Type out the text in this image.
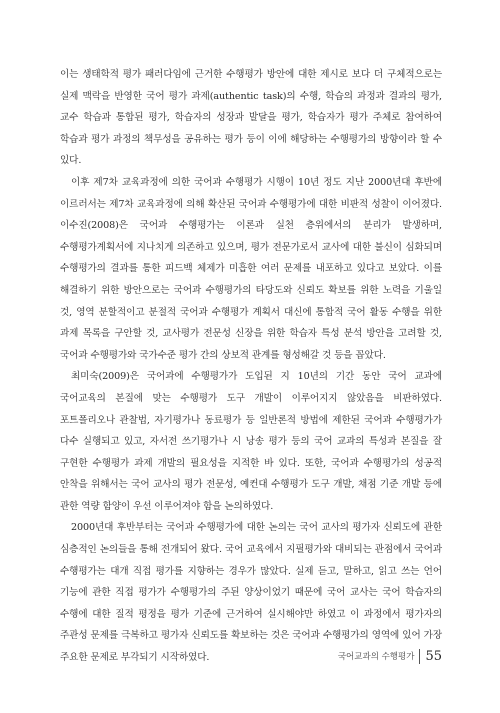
이는 생태학적 평가 패러다임에 근거한 수행평가 방안에 대한 제시로 보다 더 구체적으로는 실제 맥락을 반영한 국어 평가 과제(authentic task)의 수행, 학습의 과정과 결과의 평가, 교수 학습과 통합된 평가, 학습자의 성장과 발달을 평가, 학습자가 평가 주체로 참여하여 학습과 평가 과정의 책무성을 공유하는 평가 등이 이에 해당하는 수행평가의 방향이라 할 수 있다.

이후 제7차 교육과정에 의한 국어과 수행평가 시행이 10년 정도 지난 2000년대 후반에 이르러서는 제7차 교육과정에 의해 확산된 국어과 수행평가에 대한 비판적 성찰이 이어졌다. 이수진(2008)은 국어과 수행평가는 이론과 실천 층위에서의 분리가 발생하며, 수행평가계획서에 지나치게 의존하고 있으며, 평가 전문가로서 교사에 대한 불신이 심화되며 수행평가의 결과를 통한 피드백 체제가 미흡한 여러 문제를 내포하고 있다고 보았다. 이를 해결하기 위한 방안으로는 국어과 수행평가의 타당도와 신뢰도 확보를 위한 노력을 기울일 것, 영역 분할적이고 분절적 국어과 수행평가 계획서 대신에 통합적 국어 활동 수행을 위한 과제 목록을 구안할 것, 교사평가 전문성 신장을 위한 학습자 특성 분석 방안을 고려할 것, 국어과 수행평가와 국가수준 평가 간의 상보적 관계를 형성해갈 것 등을 꼽았다.

최미숙(2009)은 국어과에 수행평가가 도입된 지 10년의 기간 동안 국어 교과에 국어교육의 본질에 맞는 수행평가 도구 개발이 이루어지지 않았음을 비판하였다. 포트폴리오나 관찰법, 자기평가나 동료평가 등 일반론적 방법에 제한된 국어과 수행평가가 다수 실행되고 있고, 자서전 쓰기평가나 시 낭송 평가 등의 국어 교과의 특성과 본질을 잘 구현한 수행평가 과제 개발의 필요성을 지적한 바 있다. 또한, 국어과 수행평가의 성공적 안착을 위해서는 국어 교사의 평가 전문성, 예컨대 수행평가 도구 개발, 채점 기준 개발 등에 관한 역량 함양이 우선 이루어져야 함을 논의하였다.

2000년대 후반부터는 국어과 수행평가에 대한 논의는 국어 교사의 평가자 신뢰도에 관한 심층적인 논의들을 통해 전개되어 왔다. 국어 교육에서 지필평가와 대비되는 관점에서 국어과 수행평가는 대개 직접 평가를 지향하는 경우가 많았다. 실제 듣고, 말하고, 읽고 쓰는 언어 기능에 관한 직접 평가가 수행평가의 주된 양상이었기 때문에 국어 교사는 국어 학습자의 수행에 대한 질적 평정을 평가 기준에 근거하여 실시해야만 하였고 이 과정에서 평가자의 주관성 문제를 극복하고 평가자 신뢰도를 확보하는 것은 국어과 수행평가의 영역에 있어 가장 주요한 문제로 부각되기 시작하였다.	국어교과의 수행평가 55
